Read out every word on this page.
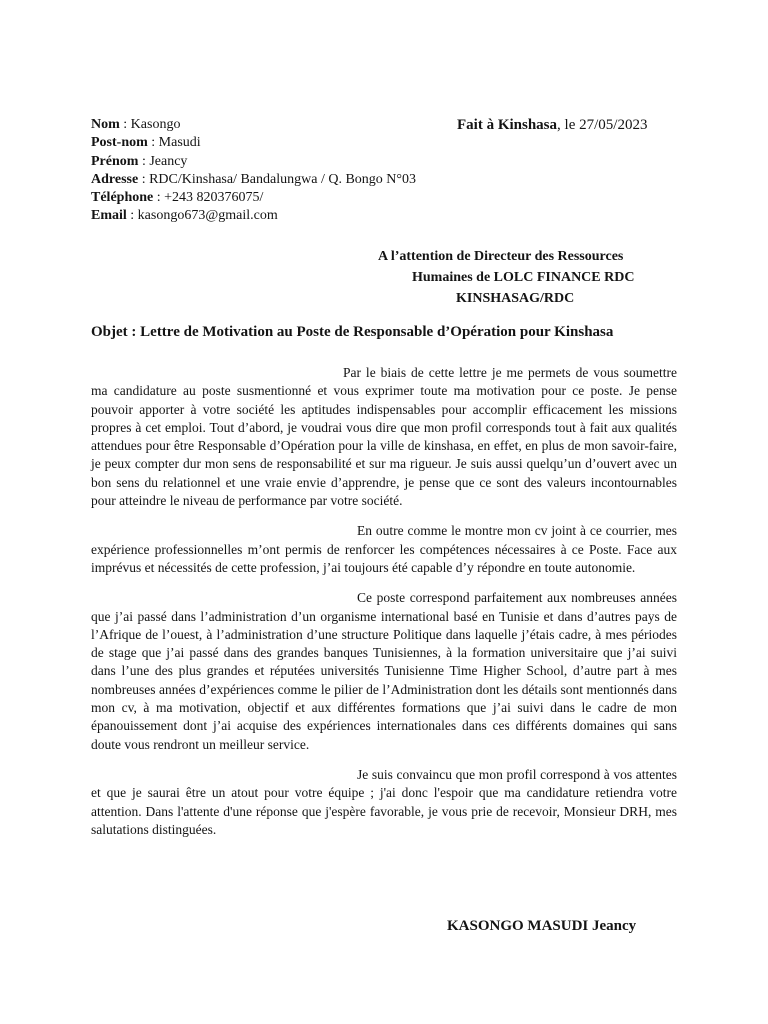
Nom : Kasongo
Post-nom : Masudi
Prénom : Jeancy
Adresse : RDC/Kinshasa/ Bandalungwa / Q. Bongo N°03
Téléphone : +243 820376075/
Email : kasongo673@gmail.com
Fait à Kinshasa, le 27/05/2023
A l’attention de Directeur des Ressources
Humaines de LOLC FINANCE RDC
KINSHASAG/RDC
Objet : Lettre de Motivation au Poste de Responsable d’Opération pour Kinshasa

Par le biais de cette lettre je me permets de vous soumettre ma candidature au poste susmentionné et vous exprimer toute ma motivation pour ce poste. Je pense pouvoir apporter à votre société les aptitudes indispensables pour accomplir efficacement les missions propres à cet emploi. Tout d’abord, je voudrai vous dire que mon profil corresponds tout à fait aux qualités attendues pour être Responsable d’Opération pour la ville de kinshasa, en effet, en plus de mon savoir-faire, je peux compter dur mon sens de responsabilité et sur ma rigueur. Je suis aussi quelqu’un d’ouvert avec un bon sens du relationnel et une vraie envie d’apprendre, je pense que ce sont des valeurs incontournables pour atteindre le niveau de performance par votre société.

En outre comme le montre mon cv joint à ce courrier, mes expérience professionnelles m’ont permis de renforcer les compétences nécessaires à ce Poste. Face aux imprévus et nécessités de cette profession, j’ai toujours été capable d’y répondre en toute autonomie.

Ce poste correspond parfaitement aux nombreuses années que j’ai passé dans l’administration d’un organisme international basé en Tunisie et dans d’autres pays de l’Afrique de l’ouest, à l’administration d’une structure Politique dans laquelle j’étais cadre, à mes périodes de stage que j’ai passé dans des grandes banques Tunisiennes, à la formation universitaire que j’ai suivi dans l’une des plus grandes et réputées universités Tunisienne Time Higher School, d’autre part à mes nombreuses années d’expériences comme le pilier de l’Administration dont les détails sont mentionnés dans mon cv, à ma motivation, objectif et aux différentes formations que j’ai suivi dans le cadre de mon épanouissement dont j’ai acquise des expériences internationales dans ces différents domaines qui sans doute vous rendront un meilleur service.

Je suis convaincu que mon profil correspond à vos attentes et que je saurai être un atout pour votre équipe ; j'ai donc l'espoir que ma candidature retiendra votre attention. Dans l'attente d'une réponse que j'espère favorable, je vous prie de recevoir, Monsieur DRH, mes salutations distinguées.

KASONGO MASUDI Jeancy
